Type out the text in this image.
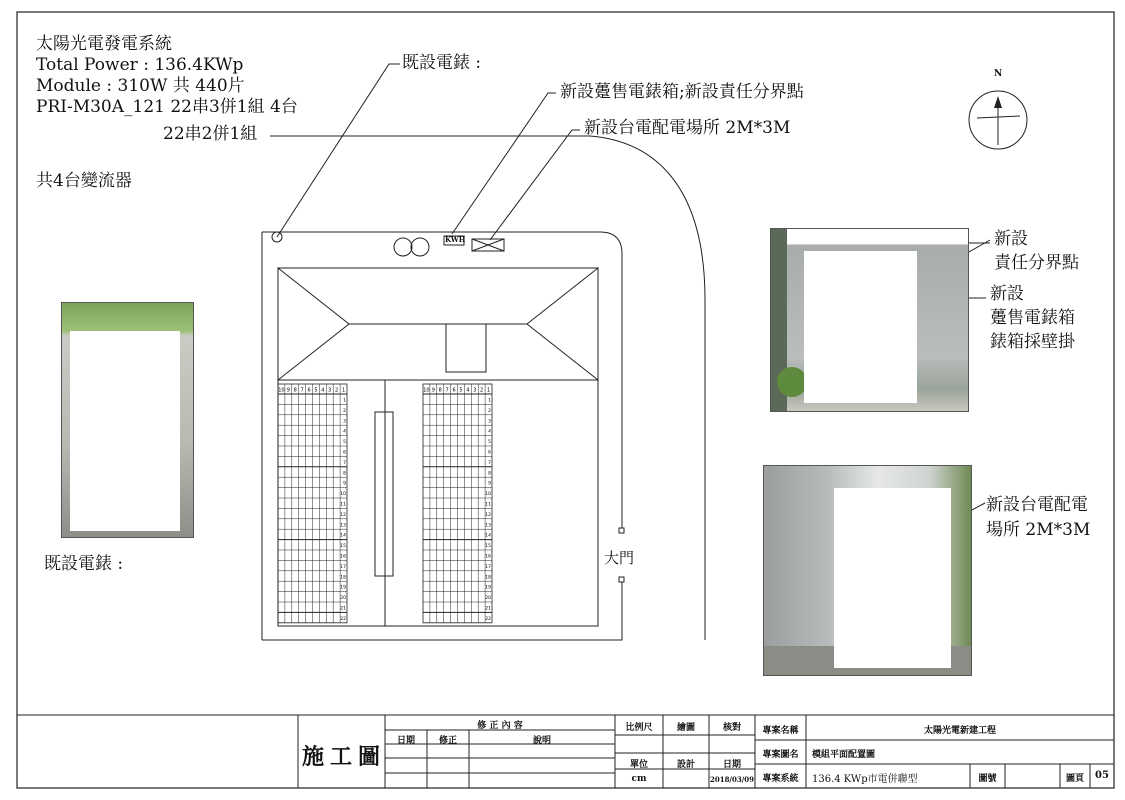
10 9 8 7 6 5 4 3 2 1
1
2
3
4
5
6
7
8
9
10
11
12
13
14
15
16
17
18
19
20
21
22
10 9 8 7 6 5 4 3 2 1
1
2
3
4
5
6
7
8
9
10
11
12
13
14
15
16
17
18
19
20
21
22
太陽光電發電系統
Total Power : 136.4KWp
Module : 310W 共 440片
PRI-M30A_121 22串3併1組 4台
22串2併1組
共4台變流器
既設電錶 :
新設躉售電錶箱;新設責任分界點
新設台電配電場所 2M*3M
大門
KWH
N
既設電錶 :
新設
責任分界點
新設
躉售電錶箱
錶箱採壁掛
新設台電配電
場所 2M*3M
施工圖
修 正 內 容
日期	修正	說明
比例尺	繪圖	核對
單位	設計	日期
cm	2018/03/09
專案名稱	太陽光電新建工程
專案圖名	模組平面配置圖
專案系統	136.4 KWp市電併聯型	圖號	圖頁	05
